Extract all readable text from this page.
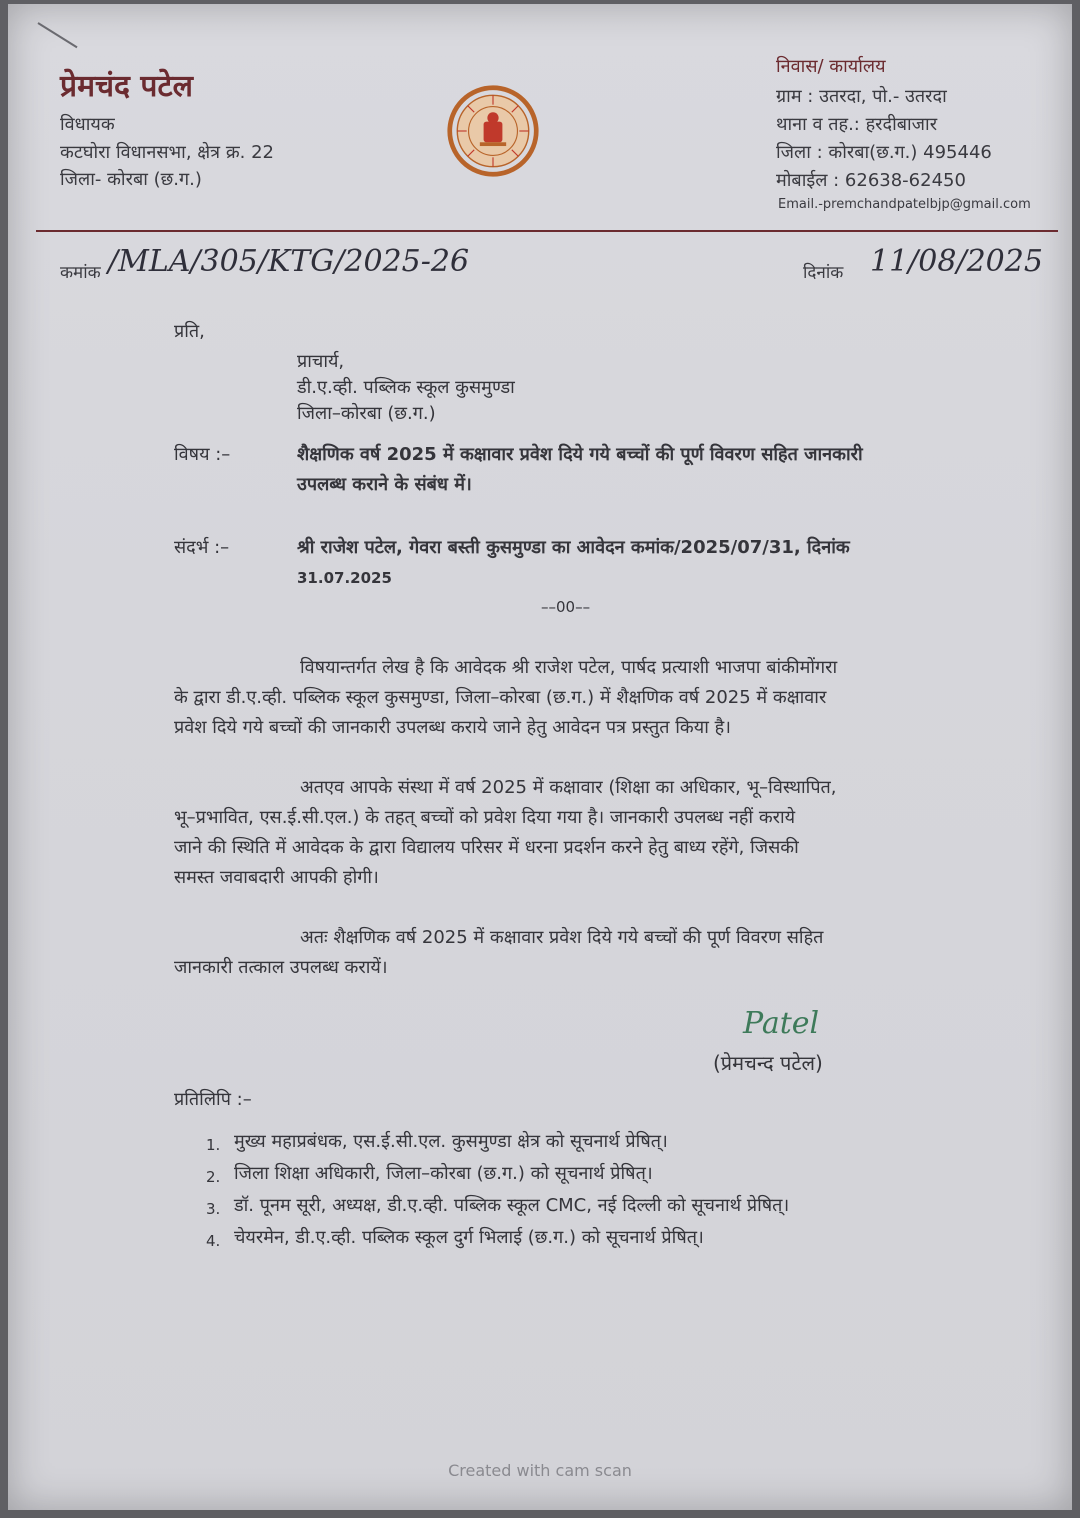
प्रेमचंद पटेल
विधायक
कटघोरा विधानसभा, क्षेत्र क्र. 22
जिला- कोरबा (छ.ग.)
निवास/ कार्यालय
ग्राम : उतरदा, पो.- उतरदा
थाना व तह.: हरदीबाजार
जिला : कोरबा(छ.ग.) 495446
मोबाईल : 62638-62450
Email.-premchandpatelbjp@gmail.com
कमांक /MLA/305/KTG/2025-26	दिनांक 11/08/2025
प्रति,
प्राचार्य,
डी.ए.व्ही. पब्लिक स्कूल कुसमुण्डा
जिला–कोरबा (छ.ग.)
विषय :–	शैक्षणिक वर्ष 2025 में कक्षावार प्रवेश दिये गये बच्चों की पूर्ण विवरण सहित जानकारी
उपलब्ध कराने के संबंध में।
संदर्भ :–	श्री राजेश पटेल, गेवरा बस्ती कुसमुण्डा का आवेदन कमांक/2025/07/31, दिनांक
31.07.2025
––00––
विषयान्तर्गत लेख है कि आवेदक श्री राजेश पटेल, पार्षद प्रत्याशी भाजपा बांकीमोंगरा
के द्वारा डी.ए.व्ही. पब्लिक स्कूल कुसमुण्डा, जिला–कोरबा (छ.ग.) में शैक्षणिक वर्ष 2025 में कक्षावार
प्रवेश दिये गये बच्चों की जानकारी उपलब्ध कराये जाने हेतु आवेदन पत्र प्रस्तुत किया है।
अतएव आपके संस्था में वर्ष 2025 में कक्षावार (शिक्षा का अधिकार, भू–विस्थापित,
भू–प्रभावित, एस.ई.सी.एल.) के तहत् बच्चों को प्रवेश दिया गया है। जानकारी उपलब्ध नहीं कराये
जाने की स्थिति में आवेदक के द्वारा विद्यालय परिसर में धरना प्रदर्शन करने हेतु बाध्य रहेंगे, जिसकी
समस्त जवाबदारी आपकी होगी।
अतः शैक्षणिक वर्ष 2025 में कक्षावार प्रवेश दिये गये बच्चों की पूर्ण विवरण सहित
जानकारी तत्काल उपलब्ध करायें।
Patel
(प्रेमचन्द पटेल)
प्रतिलिपि :–
1. मुख्य महाप्रबंधक, एस.ई.सी.एल. कुसमुण्डा क्षेत्र को सूचनार्थ प्रेषित्।
2. जिला शिक्षा अधिकारी, जिला–कोरबा (छ.ग.) को सूचनार्थ प्रेषित्।
3. डॉ. पूनम सूरी, अध्यक्ष, डी.ए.व्ही. पब्लिक स्कूल CMC, नई दिल्ली को सूचनार्थ प्रेषित्।
4. चेयरमेन, डी.ए.व्ही. पब्लिक स्कूल दुर्ग भिलाई (छ.ग.) को सूचनार्थ प्रेषित्।
Created with cam scan
